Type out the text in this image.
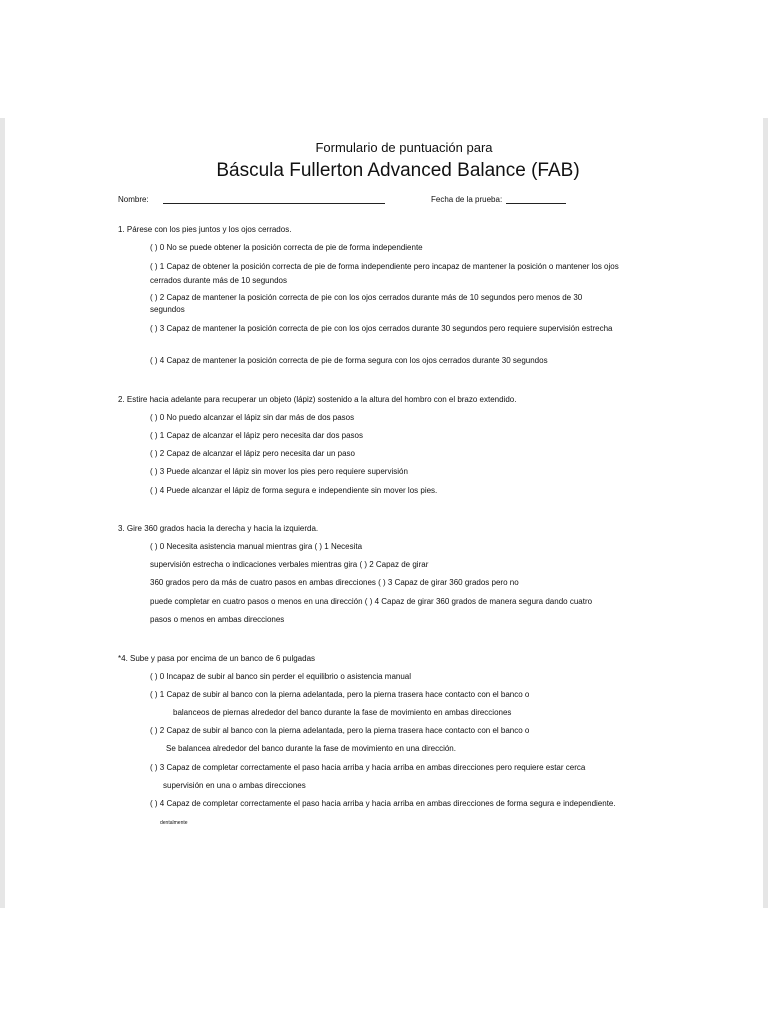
Formulario de puntuación para
Báscula Fullerton Advanced Balance (FAB)
Nombre:	Fecha de la prueba:
1. Párese con los pies juntos y los ojos cerrados.
( ) 0 No se puede obtener la posición correcta de pie de forma independiente
( ) 1 Capaz de obtener la posición correcta de pie de forma independiente pero incapaz de mantener la posición o mantener los ojos
cerrados durante más de 10 segundos
( ) 2 Capaz de mantener la posición correcta de pie con los ojos cerrados durante más de 10 segundos pero menos de 30
segundos
( ) 3 Capaz de mantener la posición correcta de pie con los ojos cerrados durante 30 segundos pero requiere supervisión estrecha
( ) 4 Capaz de mantener la posición correcta de pie de forma segura con los ojos cerrados durante 30 segundos
2. Estire hacia adelante para recuperar un objeto (lápiz) sostenido a la altura del hombro con el brazo extendido.
( ) 0 No puedo alcanzar el lápiz sin dar más de dos pasos
( ) 1 Capaz de alcanzar el lápiz pero necesita dar dos pasos
( ) 2 Capaz de alcanzar el lápiz pero necesita dar un paso
( ) 3 Puede alcanzar el lápiz sin mover los pies pero requiere supervisión
( ) 4 Puede alcanzar el lápiz de forma segura e independiente sin mover los pies.
3. Gire 360 grados hacia la derecha y hacia la izquierda.
( ) 0 Necesita asistencia manual mientras gira ( ) 1 Necesita
supervisión estrecha o indicaciones verbales mientras gira ( ) 2 Capaz de girar
360 grados pero da más de cuatro pasos en ambas direcciones ( ) 3 Capaz de girar 360 grados pero no
puede completar en cuatro pasos o menos en una dirección ( ) 4 Capaz de girar 360 grados de manera segura dando cuatro
pasos o menos en ambas direcciones
*4. Sube y pasa por encima de un banco de 6 pulgadas
( ) 0 Incapaz de subir al banco sin perder el equilibrio o asistencia manual
( ) 1 Capaz de subir al banco con la pierna adelantada, pero la pierna trasera hace contacto con el banco o
balanceos de piernas alrededor del banco durante la fase de movimiento en ambas direcciones
( ) 2 Capaz de subir al banco con la pierna adelantada, pero la pierna trasera hace contacto con el banco o
Se balancea alrededor del banco durante la fase de movimiento en una dirección.
( ) 3 Capaz de completar correctamente el paso hacia arriba y hacia arriba en ambas direcciones pero requiere estar cerca
supervisión en una o ambas direcciones
( ) 4 Capaz de completar correctamente el paso hacia arriba y hacia arriba en ambas direcciones de forma segura e independiente.
dentalmente
